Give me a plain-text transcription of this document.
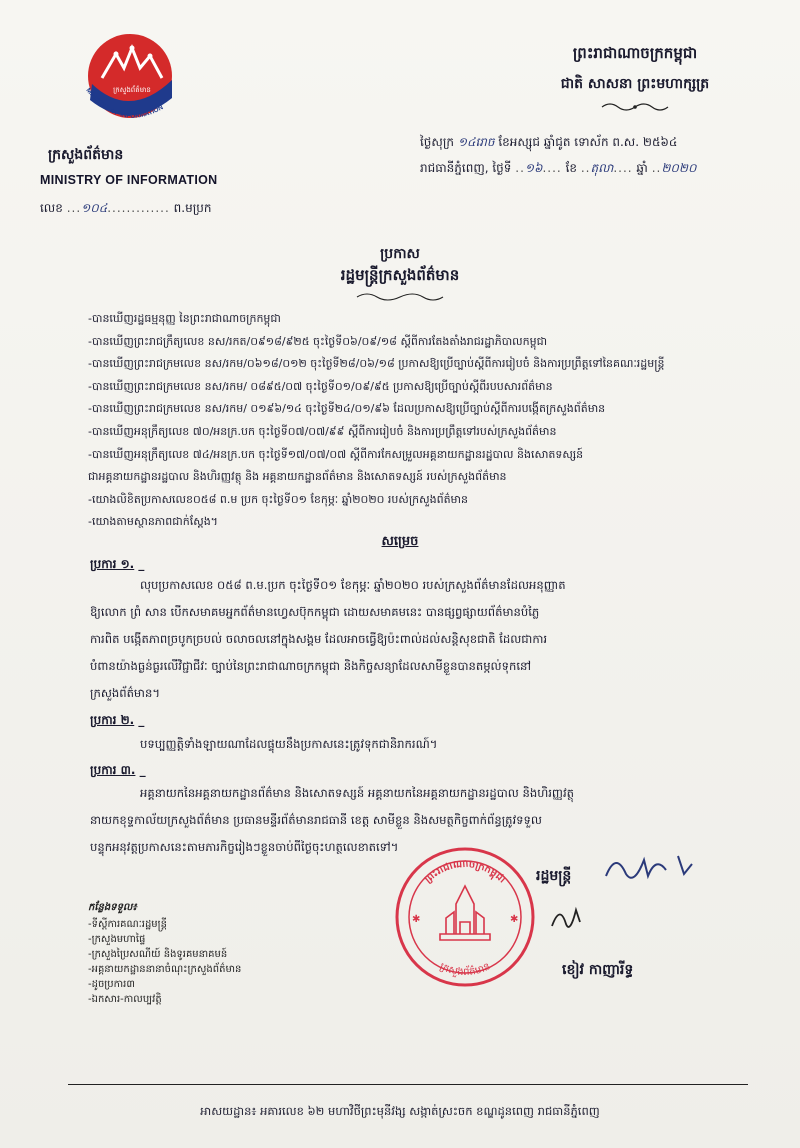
ក្រសួងព័ត៌មាន
MINISTRY OF INFORMATION
ក្រសួងព័ត៌មាន
MINISTRY OF INFORMATION
លេខ ...១០៤............. ព.មប្រក
ព្រះរាជាណាចក្រកម្ពុជា
ជាតិ សាសនា ព្រះមហាក្សត្រ
ថ្ងៃសុក្រ ១៤រោច ខែអស្សុជ ឆ្នាំជូត ទោស័ក ព.ស. ២៥៦៤
រាជធានីភ្នំពេញ, ថ្ងៃទី ..១៦.... ខែ ..តុលា.... ឆ្នាំ ..២០២០
ប្រកាស
រដ្ឋមន្ត្រីក្រសួងព័ត៌មាន
-បានឃើញរដ្ឋធម្មនុញ្ញ នៃព្រះរាជាណាចក្រកម្ពុជា
-បានឃើញព្រះរាជក្រឹត្យលេខ នស/រកត/០៩១៨/៩២៥ ចុះថ្ងៃទី០៦/០៩/១៨ ស្តីពីការតែងតាំងរាជរដ្ឋាភិបាលកម្ពុជា
-បានឃើញព្រះរាជក្រមលេខ នស/រកម/០៦១៨/០១២ ចុះថ្ងៃទី២៨/០៦/១៨ ប្រកាសឱ្យប្រើច្បាប់ស្តីពីការរៀបចំ និងការប្រព្រឹត្តទៅនៃគណៈរដ្ឋមន្ត្រី
-បានឃើញព្រះរាជក្រមលេខ នស/រកម/ ០៨៩៥/០៧ ចុះថ្ងៃទី០១/០៩/៩៥ ប្រកាសឱ្យប្រើច្បាប់ស្តីពីរបបសារព័ត៌មាន
-បានឃើញព្រះរាជក្រមលេខ នស/រកម/ ០១៩៦/១៤ ចុះថ្ងៃទី២៤/០១/៩៦ ដែលប្រកាសឱ្យប្រើច្បាប់ស្តីពីការបង្កើតក្រសួងព័ត៌មាន
-បានឃើញអនុក្រឹត្យលេខ ៧០/អនក្រ.បក ចុះថ្ងៃទី០៧/០៧/៩៩ ស្តីពីការរៀបចំ និងការប្រព្រឹត្តទៅរបស់ក្រសួងព័ត៌មាន
-បានឃើញអនុក្រឹត្យលេខ ៧៤/អនក្រ.បក ចុះថ្ងៃទី១៧/០៧/០៧ ស្តីពីការកែសម្រួលអគ្គនាយកដ្ឋានរដ្ឋបាល និងសោតទស្សន៍
ជាអគ្គនាយកដ្ឋានរដ្ឋបាល និងហិរញ្ញវត្ថុ និង អគ្គនាយកដ្ឋានព័ត៌មាន និងសោតទស្សន៍ របស់ក្រសួងព័ត៌មាន
-យោងលិខិតប្រកាសលេខ០៥៨ ព.ម ប្រក ចុះថ្ងៃទី០១ ខែកុម្ភៈ ឆ្នាំ២០២០ របស់ក្រសួងព័ត៌មាន
-យោងតាមស្ថានភាពជាក់ស្តែង។
សម្រេច
ប្រការ ១. _
លុបប្រកាសលេខ ០៥៨ ព.ម.ប្រក ចុះថ្ងៃទី០១ ខែកុម្ភៈ ឆ្នាំ២០២០ របស់ក្រសួងព័ត៌មានដែលអនុញ្ញាត
ឱ្យលោក ព្រំ សាន បើកសមាគមអ្នកព័ត៌មានហ្វេសប៊ុកកម្ពុជា ដោយសមាគមនេះ បានផ្សព្វផ្សាយព័ត៌មានបំភ្លៃ
ការពិត បង្កើតភាពច្របូកច្របល់ ចលាចលនៅក្នុងសង្គម ដែលអាចធ្វើឱ្យប៉ះពាល់ដល់សន្តិសុខជាតិ ដែលជាការ
បំពានយ៉ាងធ្ងន់ធ្ងរលើវិជ្ជាជីវៈ ច្បាប់នៃព្រះរាជាណាចក្រកម្ពុជា និងកិច្ចសន្យាដែលសាមីខ្លួនបានតម្កល់ទុកនៅ
ក្រសួងព័ត៌មាន។
ប្រការ ២. _
បទប្បញ្ញត្តិទាំងឡាយណាដែលផ្ទុយនឹងប្រកាសនេះត្រូវទុកជានិរាករណ៍។
ប្រការ ៣. _
អគ្គនាយកនៃអគ្គនាយកដ្ឋានព័ត៌មាន និងសោតទស្សន៍ អគ្គនាយកនៃអគ្គនាយកដ្ឋានរដ្ឋបាល និងហិរញ្ញវត្ថុ
នាយកខុទ្ទកាល័យក្រសួងព័ត៌មាន ប្រធានមន្ទីរព័ត៌មានរាជធានី ខេត្ត សាមីខ្លួន និងសមត្ថកិច្ចពាក់ព័ន្ធត្រូវទទួល
បន្ទុកអនុវត្តប្រកាសនេះតាមភារកិច្ចរៀងៗខ្លួនចាប់ពីថ្ងៃចុះហត្ថលេខាតទៅ។
ព្រះរាជាណាចក្រកម្ពុជា
ក្រសួងព័ត៌មាន
✱	✱
រដ្ឋមន្ត្រី
ខៀវ កាញារីទ្ធ
កន្លែងទទួល៖
-ទីស្តីការគណៈរដ្ឋមន្ត្រី
-ក្រសួងមហាផ្ទៃ
-ក្រសួងប្រៃសណីយ៍ និងទូរគមនាគមន៍
-អគ្គនាយកដ្ឋាននានាចំណុះក្រសួងព័ត៌មាន
-ដូចប្រការ៣
-ឯកសារ-កាលប្បវត្តិ
អាសយដ្ឋាន៖ អគារលេខ ៦២ មហាវិថីព្រះមុនីវង្ស សង្កាត់ស្រះចក ខណ្ឌដូនពេញ រាជធានីភ្នំពេញ
